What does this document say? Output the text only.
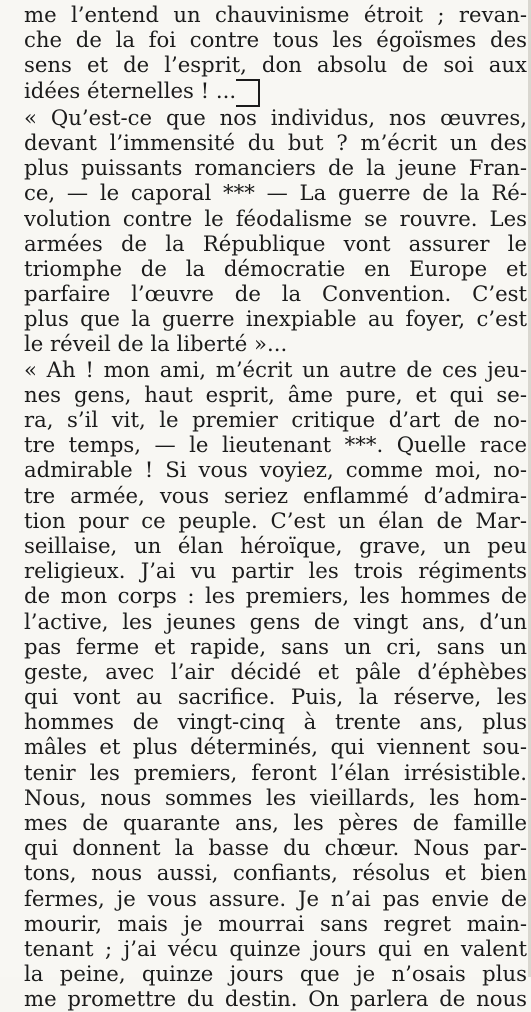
me l’entend un chauvinisme étroit ; revan-
che de la foi contre tous les égoïsmes des
sens et de l’esprit, don absolu de soi aux
idées éternelles ! ...
« Qu’est-ce que nos individus, nos œuvres,
devant l’immensité du but ? m’écrit un des
plus puissants romanciers de la jeune Fran-
ce, — le caporal *** — La guerre de la Ré-
volution contre le féodalisme se rouvre. Les
armées de la République vont assurer le
triomphe de la démocratie en Europe et
parfaire l’œuvre de la Convention. C’est
plus que la guerre inexpiable au foyer, c’est
le réveil de la liberté »...
« Ah ! mon ami, m’écrit un autre de ces jeu-
nes gens, haut esprit, âme pure, et qui se-
ra, s’il vit, le premier critique d’art de no-
tre temps, — le lieutenant ***. Quelle race
admirable ! Si vous voyiez, comme moi, no-
tre armée, vous seriez enflammé d’admira-
tion pour ce peuple. C’est un élan de Mar-
seillaise, un élan héroïque, grave, un peu
religieux. J’ai vu partir les trois régiments
de mon corps : les premiers, les hommes de
l’active, les jeunes gens de vingt ans, d’un
pas ferme et rapide, sans un cri, sans un
geste, avec l’air décidé et pâle d’éphèbes
qui vont au sacrifice. Puis, la réserve, les
hommes de vingt-cinq à trente ans, plus
mâles et plus déterminés, qui viennent sou-
tenir les premiers, feront l’élan irrésistible.
Nous, nous sommes les vieillards, les hom-
mes de quarante ans, les pères de famille
qui donnent la basse du chœur. Nous par-
tons, nous aussi, confiants, résolus et bien
fermes, je vous assure. Je n’ai pas envie de
mourir, mais je mourrai sans regret main-
tenant ; j’ai vécu quinze jours qui en valent
la peine, quinze jours que je n’osais plus
me promettre du destin. On parlera de nous
